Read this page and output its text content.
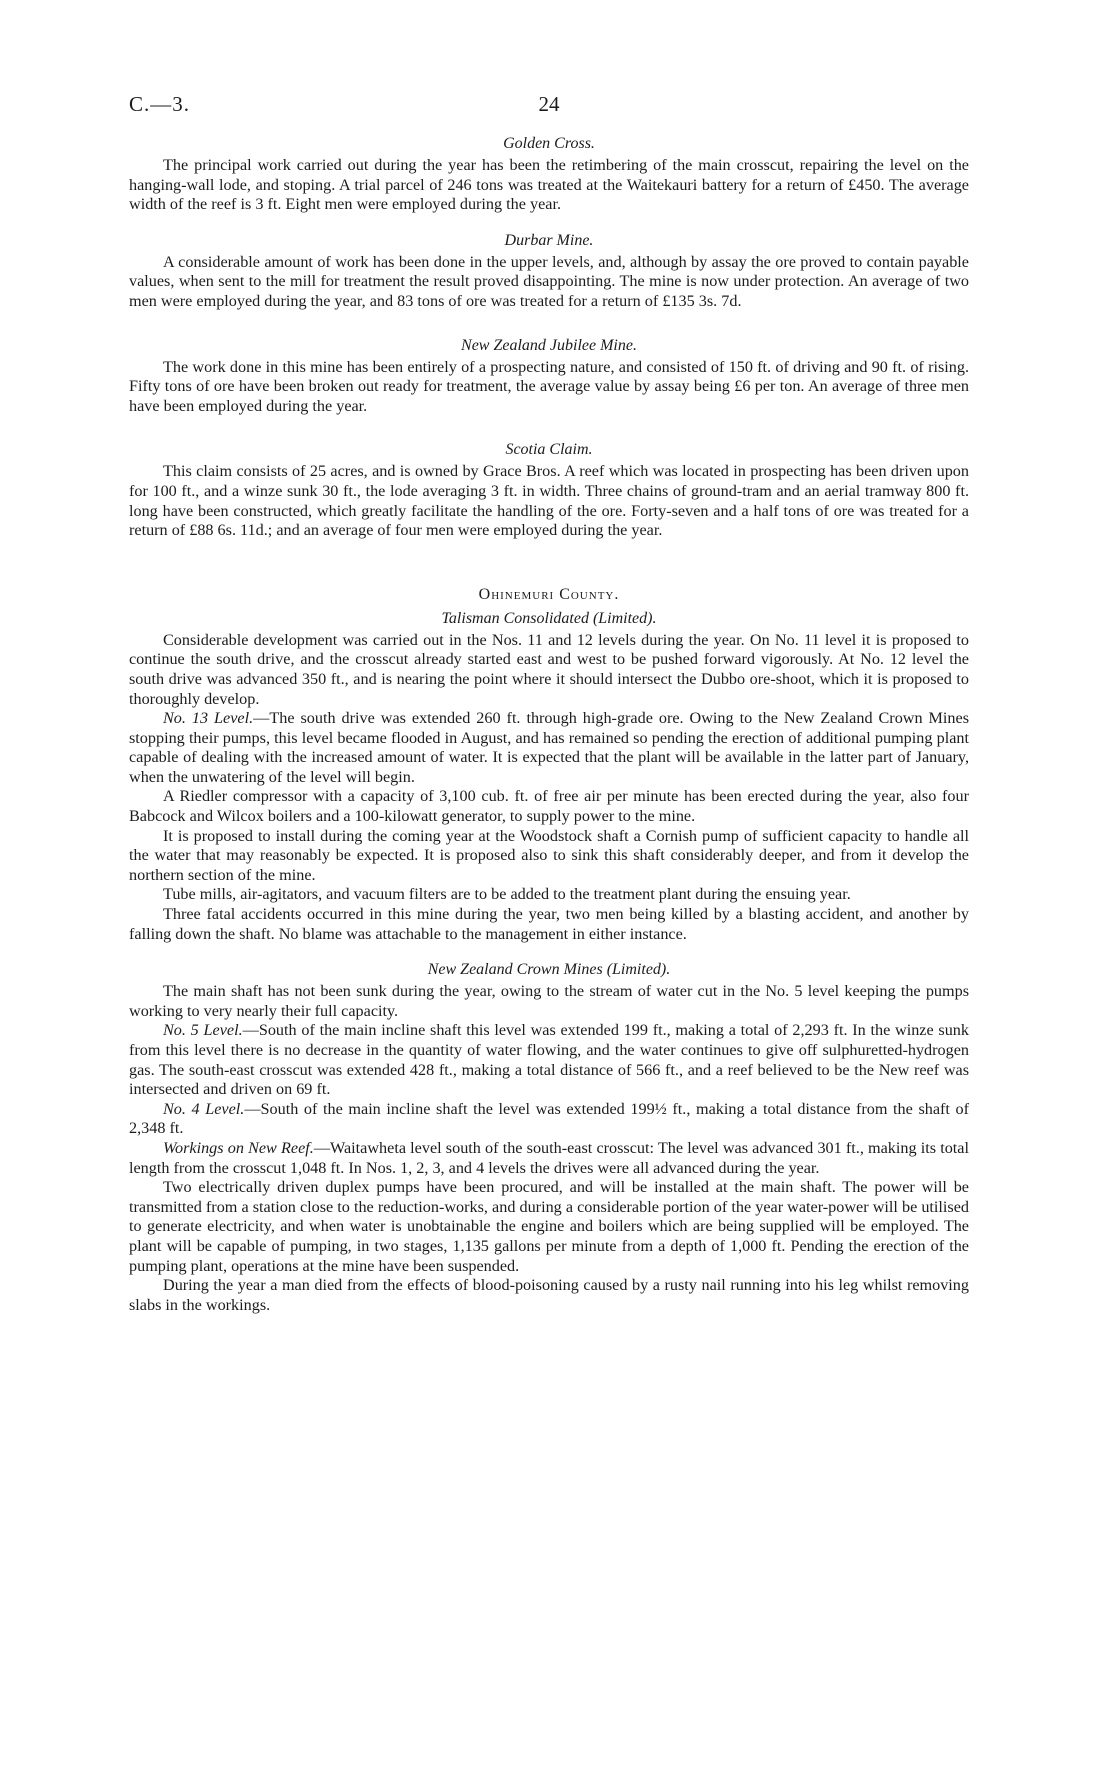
C.—3.	24
Golden Cross.

The principal work carried out during the year has been the retimbering of the main crosscut, repairing the level on the hanging-wall lode, and stoping. A trial parcel of 246 tons was treated at the Waitekauri battery for a return of £450. The average width of the reef is 3 ft. Eight men were employed during the year.

Durbar Mine.

A considerable amount of work has been done in the upper levels, and, although by assay the ore proved to contain payable values, when sent to the mill for treatment the result proved disappointing. The mine is now under protection. An average of two men were employed during the year, and 83 tons of ore was treated for a return of £135 3s. 7d.

New Zealand Jubilee Mine.

The work done in this mine has been entirely of a prospecting nature, and consisted of 150 ft. of driving and 90 ft. of rising. Fifty tons of ore have been broken out ready for treatment, the average value by assay being £6 per ton. An average of three men have been employed during the year.

Scotia Claim.

This claim consists of 25 acres, and is owned by Grace Bros. A reef which was located in prospecting has been driven upon for 100 ft., and a winze sunk 30 ft., the lode averaging 3 ft. in width. Three chains of ground-tram and an aerial tramway 800 ft. long have been constructed, which greatly facilitate the handling of the ore. Forty-seven and a half tons of ore was treated for a return of £88 6s. 11d.; and an average of four men were employed during the year.

Ohinemuri County.
Talisman Consolidated (Limited).

Considerable development was carried out in the Nos. 11 and 12 levels during the year. On No. 11 level it is proposed to continue the south drive, and the crosscut already started east and west to be pushed forward vigorously. At No. 12 level the south drive was advanced 350 ft., and is nearing the point where it should intersect the Dubbo ore-shoot, which it is proposed to thoroughly develop.

No. 13 Level.—The south drive was extended 260 ft. through high-grade ore. Owing to the New Zealand Crown Mines stopping their pumps, this level became flooded in August, and has remained so pending the erection of additional pumping plant capable of dealing with the increased amount of water. It is expected that the plant will be available in the latter part of January, when the unwatering of the level will begin.

A Riedler compressor with a capacity of 3,100 cub. ft. of free air per minute has been erected during the year, also four Babcock and Wilcox boilers and a 100-kilowatt generator, to supply power to the mine.

It is proposed to install during the coming year at the Woodstock shaft a Cornish pump of sufficient capacity to handle all the water that may reasonably be expected. It is proposed also to sink this shaft considerably deeper, and from it develop the northern section of the mine.

Tube mills, air-agitators, and vacuum filters are to be added to the treatment plant during the ensuing year.

Three fatal accidents occurred in this mine during the year, two men being killed by a blasting accident, and another by falling down the shaft. No blame was attachable to the management in either instance.

New Zealand Crown Mines (Limited).

The main shaft has not been sunk during the year, owing to the stream of water cut in the No. 5 level keeping the pumps working to very nearly their full capacity.

No. 5 Level.—South of the main incline shaft this level was extended 199 ft., making a total of 2,293 ft. In the winze sunk from this level there is no decrease in the quantity of water flowing, and the water continues to give off sulphuretted-hydrogen gas. The south-east crosscut was extended 428 ft., making a total distance of 566 ft., and a reef believed to be the New reef was intersected and driven on 69 ft.

No. 4 Level.—South of the main incline shaft the level was extended 199½ ft., making a total distance from the shaft of 2,348 ft.

Workings on New Reef.—Waitawheta level south of the south-east crosscut: The level was advanced 301 ft., making its total length from the crosscut 1,048 ft. In Nos. 1, 2, 3, and 4 levels the drives were all advanced during the year.

Two electrically driven duplex pumps have been procured, and will be installed at the main shaft. The power will be transmitted from a station close to the reduction-works, and during a considerable portion of the year water-power will be utilised to generate electricity, and when water is unobtainable the engine and boilers which are being supplied will be employed. The plant will be capable of pumping, in two stages, 1,135 gallons per minute from a depth of 1,000 ft. Pending the erection of the pumping plant, operations at the mine have been suspended.

During the year a man died from the effects of blood-poisoning caused by a rusty nail running into his leg whilst removing slabs in the workings.
